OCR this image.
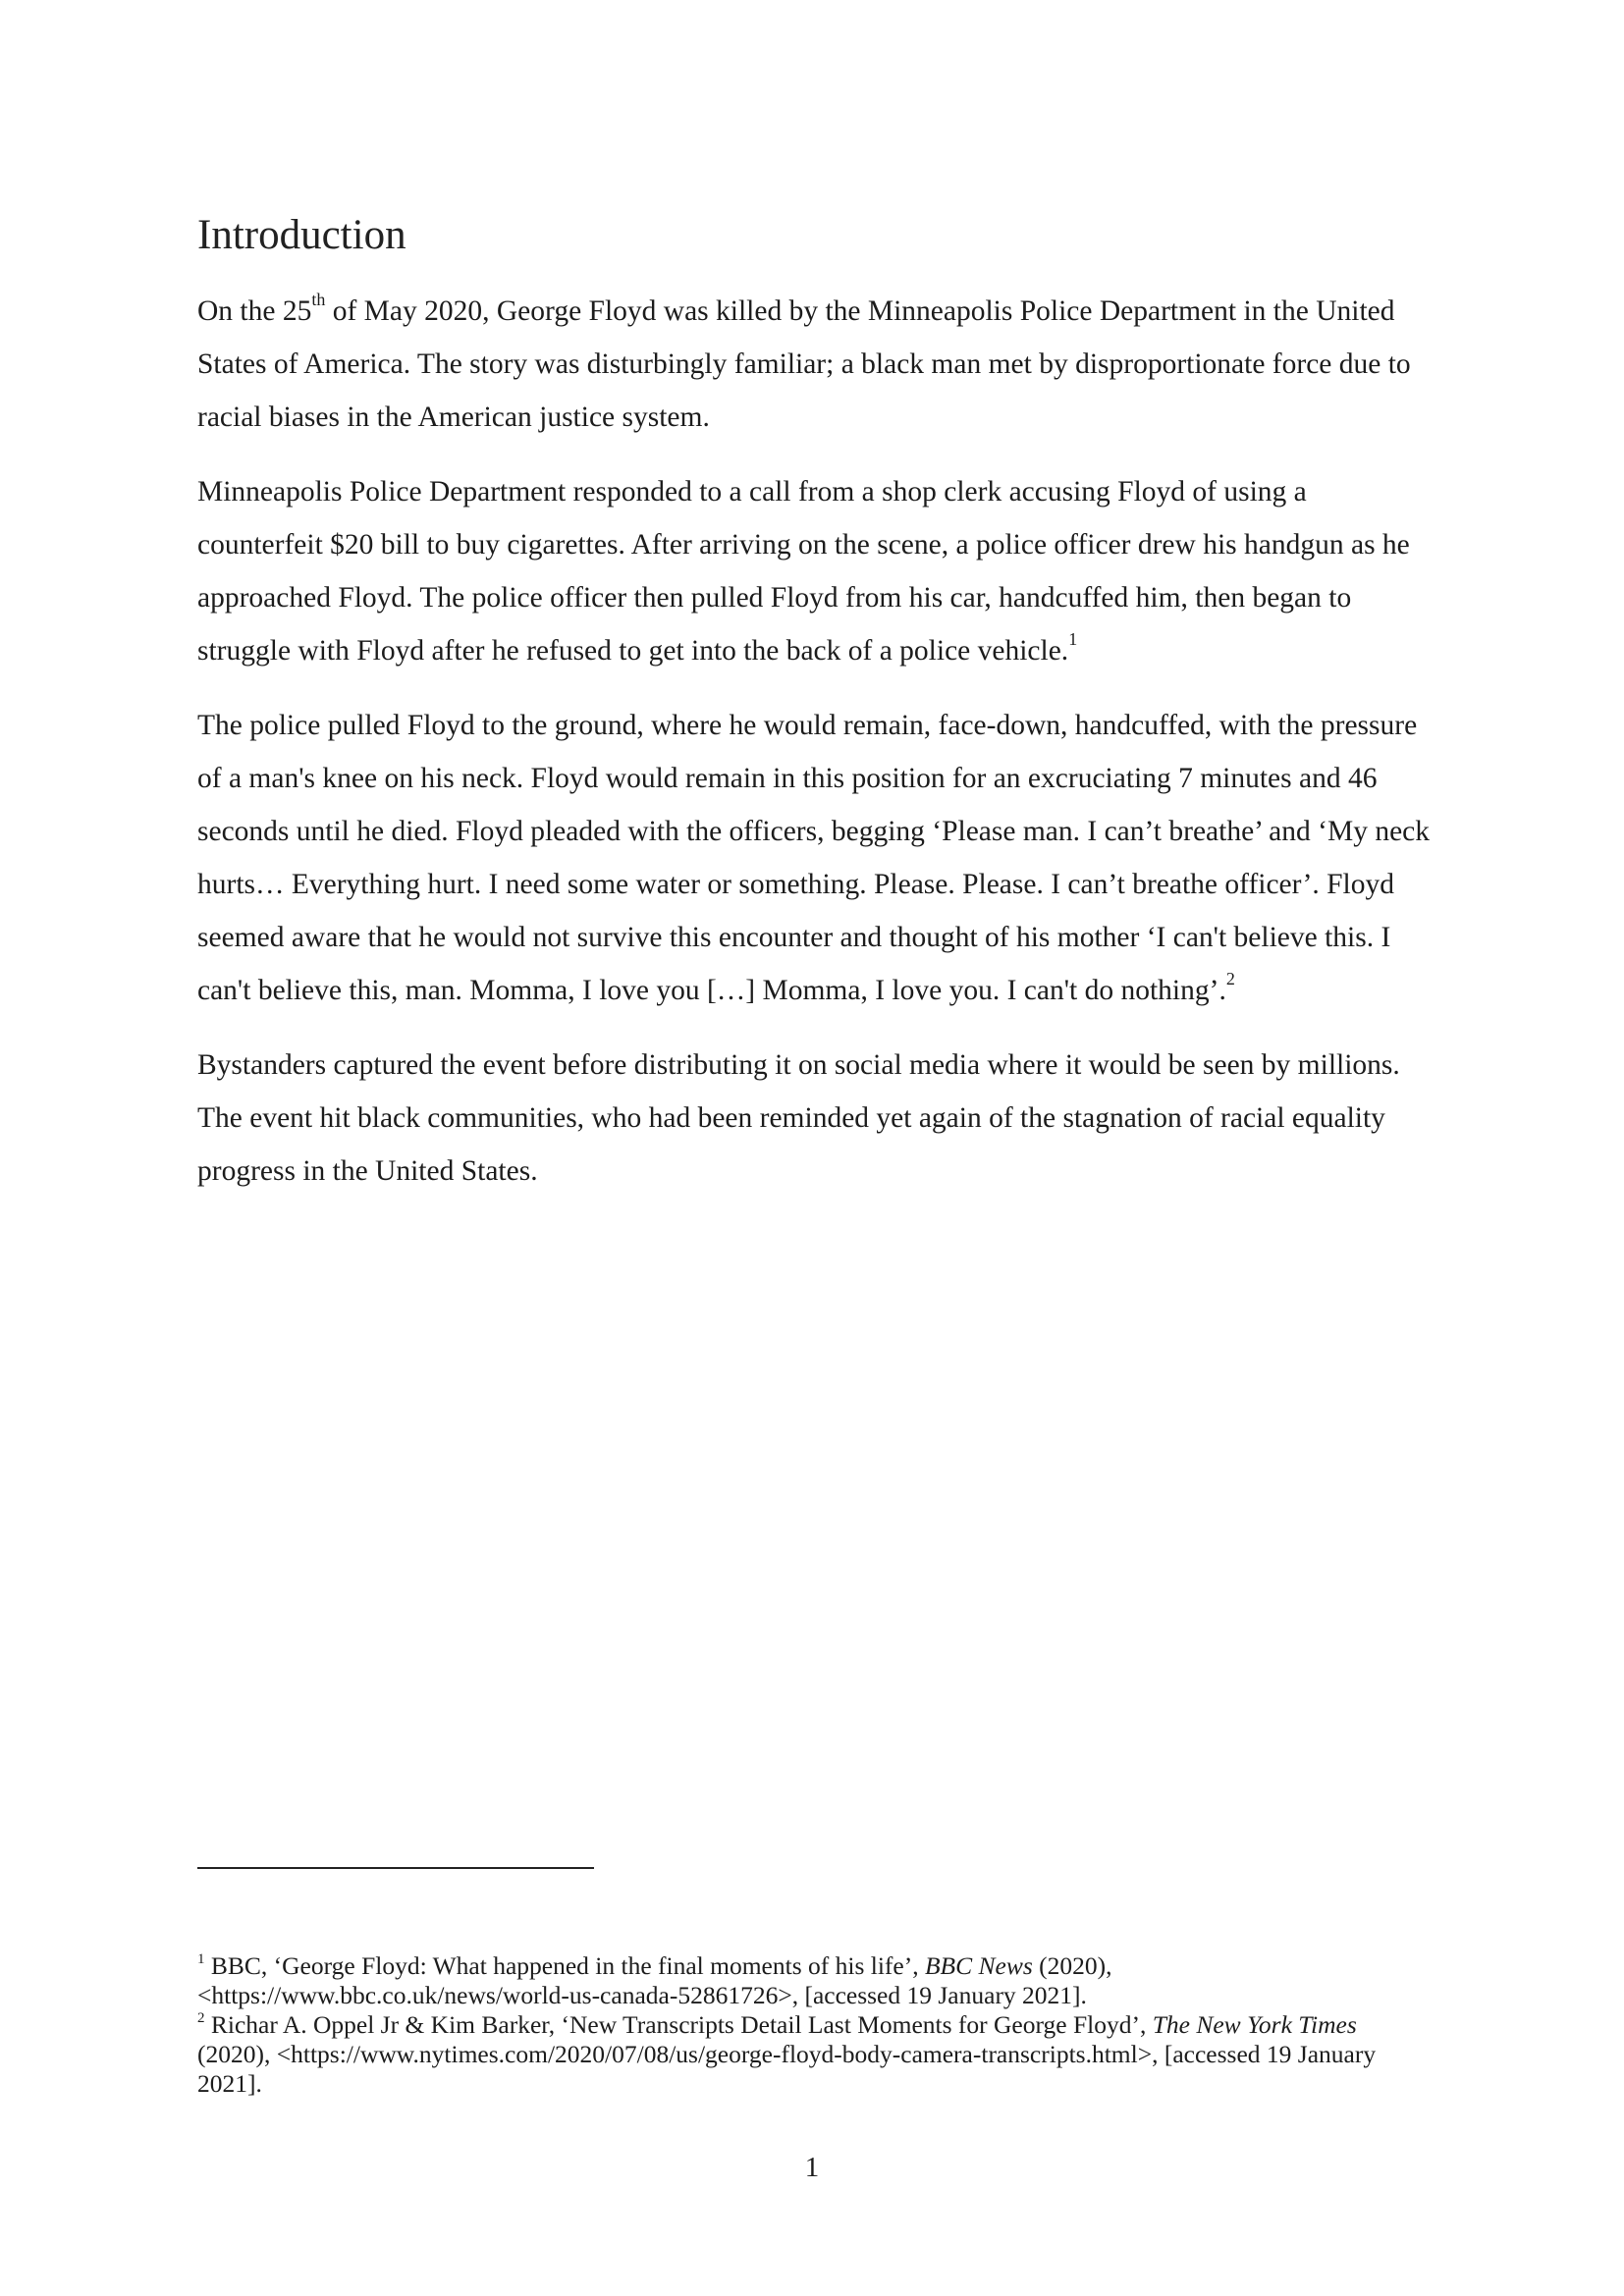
Introduction

On the 25th of May 2020, George Floyd was killed by the Minneapolis Police Department in the United States of America. The story was disturbingly familiar; a black man met by disproportionate force due to racial biases in the American justice system.

Minneapolis Police Department responded to a call from a shop clerk accusing Floyd of using a counterfeit $20 bill to buy cigarettes. After arriving on the scene, a police officer drew his handgun as he approached Floyd. The police officer then pulled Floyd from his car, handcuffed him, then began to struggle with Floyd after he refused to get into the back of a police vehicle.$^1$

The police pulled Floyd to the ground, where he would remain, face-down, handcuffed, with the pressure of a man's knee on his neck. Floyd would remain in this position for an excruciating 7 minutes and 46 seconds until he died. Floyd pleaded with the officers, begging ‘Please man. I can’t breathe’ and ‘My neck hurts… Everything hurt. I need some water or something. Please. Please. I can’t breathe officer’. Floyd seemed aware that he would not survive this encounter and thought of his mother ‘I can't believe this. I can't believe this, man. Momma, I love you […] Momma, I love you. I can't do nothing’.$^2$

Bystanders captured the event before distributing it on social media where it would be seen by millions. The event hit black communities, who had been reminded yet again of the stagnation of racial equality progress in the United States.

$^1$ BBC, ‘George Floyd: What happened in the final moments of his life’, BBC News (2020), <https://www.bbc.co.uk/news/world-us-canada-52861726>, [accessed 19 January 2021].

$^2$ Richar A. Oppel Jr & Kim Barker, ‘New Transcripts Detail Last Moments for George Floyd’, The New York Times (2020), <https://www.nytimes.com/2020/07/08/us/george-floyd-body-camera-transcripts.html>, [accessed 19 January 2021].

1
